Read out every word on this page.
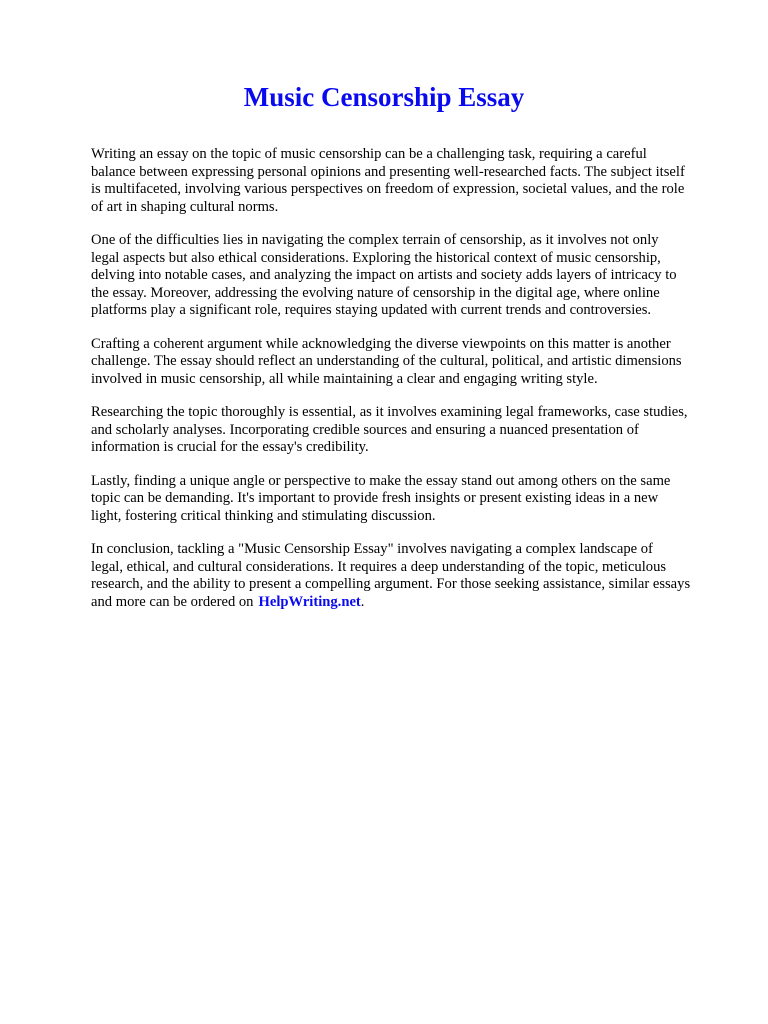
Music Censorship Essay

Writing an essay on the topic of music censorship can be a challenging task, requiring a careful
balance between expressing personal opinions and presenting well-researched facts. The subject itself
is multifaceted, involving various perspectives on freedom of expression, societal values, and the role
of art in shaping cultural norms.

One of the difficulties lies in navigating the complex terrain of censorship, as it involves not only
legal aspects but also ethical considerations. Exploring the historical context of music censorship,
delving into notable cases, and analyzing the impact on artists and society adds layers of intricacy to
the essay. Moreover, addressing the evolving nature of censorship in the digital age, where online
platforms play a significant role, requires staying updated with current trends and controversies.

Crafting a coherent argument while acknowledging the diverse viewpoints on this matter is another
challenge. The essay should reflect an understanding of the cultural, political, and artistic dimensions
involved in music censorship, all while maintaining a clear and engaging writing style.

Researching the topic thoroughly is essential, as it involves examining legal frameworks, case studies,
and scholarly analyses. Incorporating credible sources and ensuring a nuanced presentation of
information is crucial for the essay's credibility.

Lastly, finding a unique angle or perspective to make the essay stand out among others on the same
topic can be demanding. It's important to provide fresh insights or present existing ideas in a new
light, fostering critical thinking and stimulating discussion.

In conclusion, tackling a "Music Censorship Essay" involves navigating a complex landscape of
legal, ethical, and cultural considerations. It requires a deep understanding of the topic, meticulous
research, and the ability to present a compelling argument. For those seeking assistance, similar essays
and more can be ordered on HelpWriting.net.
